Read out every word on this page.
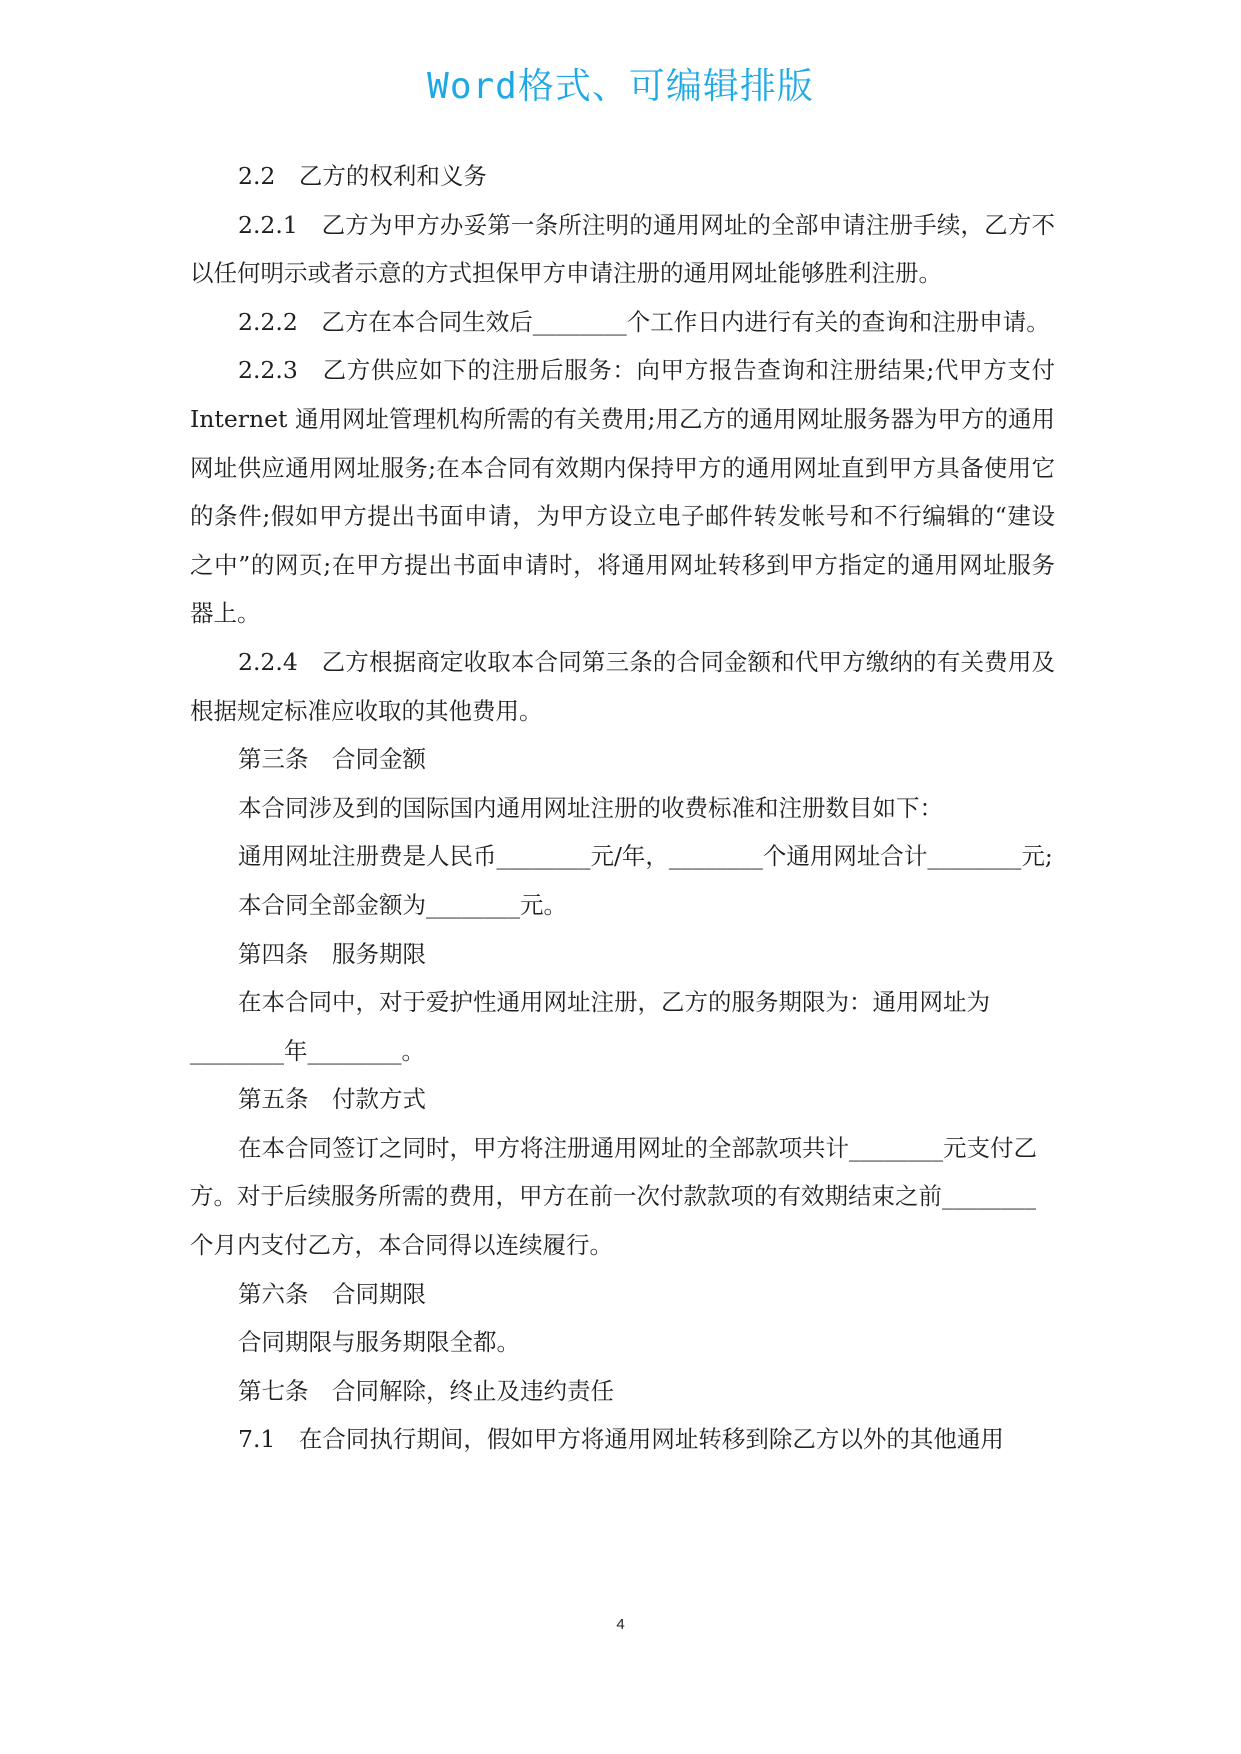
Word格式、可编辑排版

2.2　乙方的权利和义务

2.2.1　乙方为甲方办妥第一条所注明的通用网址的全部申请注册手续，乙方不以任何明示或者示意的方式担保甲方申请注册的通用网址能够胜利注册。

2.2.2　乙方在本合同生效后________个工作日内进行有关的查询和注册申请。

2.2.3　乙方供应如下的注册后服务：向甲方报告查询和注册结果;代甲方支付 Internet 通用网址管理机构所需的有关费用;用乙方的通用网址服务器为甲方的通用网址供应通用网址服务;在本合同有效期内保持甲方的通用网址直到甲方具备使用它的条件;假如甲方提出书面申请，为甲方设立电子邮件转发帐号和不行编辑的“建设之中”的网页;在甲方提出书面申请时，将通用网址转移到甲方指定的通用网址服务器上。

2.2.4　乙方根据商定收取本合同第三条的合同金额和代甲方缴纳的有关费用及根据规定标准应收取的其他费用。

第三条　合同金额

本合同涉及到的国际国内通用网址注册的收费标准和注册数目如下：

通用网址注册费是人民币________元/年，________个通用网址合计________元;

本合同全部金额为________元。

第四条　服务期限

在本合同中，对于爱护性通用网址注册，乙方的服务期限为：通用网址为________年________。

第五条　付款方式

在本合同签订之同时，甲方将注册通用网址的全部款项共计________元支付乙方。对于后续服务所需的费用，甲方在前一次付款款项的有效期结束之前________个月内支付乙方，本合同得以连续履行。

第六条　合同期限

合同期限与服务期限全都。

第七条　合同解除，终止及违约责任

7.1　在合同执行期间，假如甲方将通用网址转移到除乙方以外的其他通用

4
